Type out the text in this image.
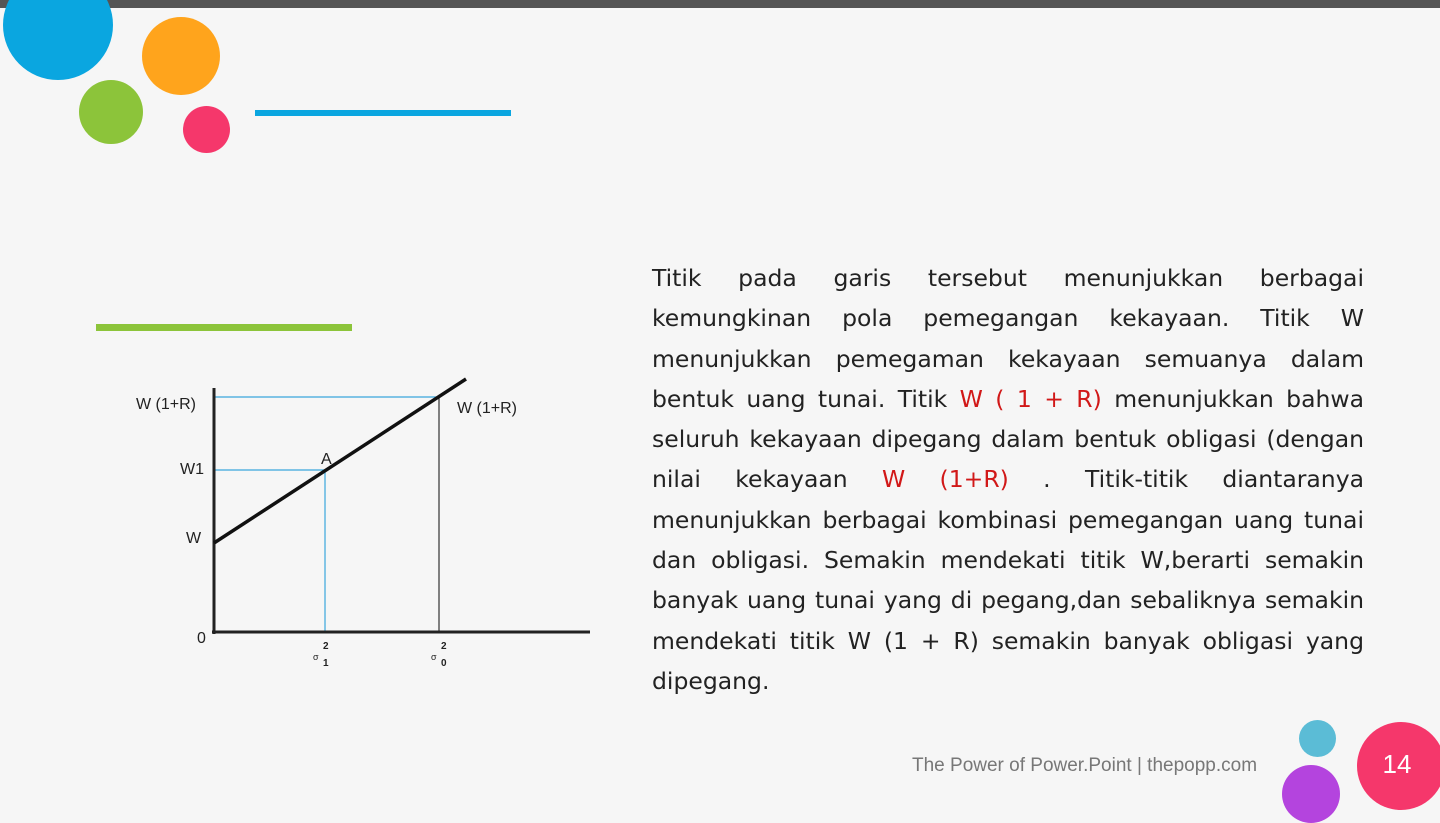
W (1+R)
W1
W
0
W (1+R)
A
σ
2
1
σ
2
0
Titik pada garis tersebut menunjukkan berbagai kemungkinan pola pemegangan kekayaan. Titik W menunjukkan pemegaman kekayaan semuanya dalam bentuk uang tunai. Titik W ( 1 + R) menunjukkan bahwa seluruh kekayaan dipegang dalam bentuk obligasi (dengan nilai kekayaan W (1+R) . Titik-titik diantaranya menunjukkan berbagai kombinasi pemegangan uang tunai dan obligasi. Semakin mendekati titik W,berarti semakin banyak uang tunai yang di pegang,dan sebaliknya semakin mendekati titik W (1 + R) semakin banyak obligasi yang dipegang.
The Power of Power.Point | thepopp.com	14
